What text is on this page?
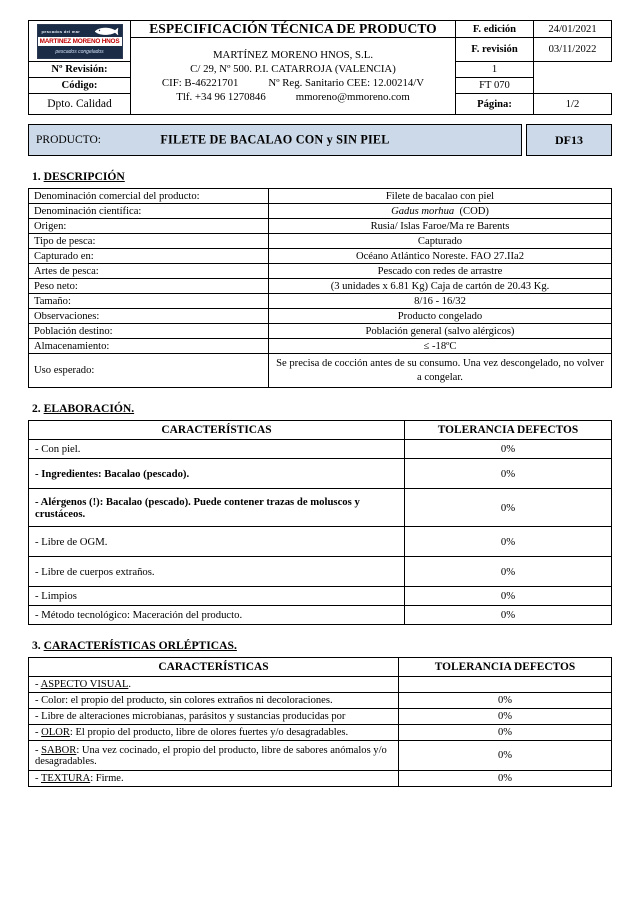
pescados del mar
MARTINEZ MORENO HNOS
pescados congelados	ESPECIFICACIÓN TÉCNICA DE PRODUCTO	F. edición	24/01/2021

MARTÍNEZ MORENO HNOS, S.L.
C/ 29, Nº 500. P.I. CATARROJA (VALENCIA)
CIF: B-46221701	Nº Reg. Sanitario CEE: 12.00214/V
Tlf. +34 96 1270846	mmoreno@mmoreno.com
	F. revisión	03/11/2022
Nº Revisión:		1	
Código:		FT 070	
Dpto. Calidad		Página:	1/2
PRODUCTO:	FILETE DE BACALAO CON y SIN PIEL	DF13
1. DESCRIPCIÓN
Denominación comercial del producto:	Filete de bacalao con piel
Denominación científica:	Gadus morhua  (COD)
Origen:	Rusia/ Islas Faroe/Ma re Barents
Tipo de pesca:	Capturado
Capturado en:	Océano Atlántico Noreste. FAO 27.IIa2
Artes de pesca:	Pescado con redes de arrastre
Peso neto:	(3 unidades x 6.81 Kg) Caja de cartón de 20.43 Kg.
Tamaño:	8/16 - 16/32
Observaciones:	Producto congelado
Población destino:	Población general (salvo alérgicos)
Almacenamiento:	≤ -18ºC
Uso esperado:	Se precisa de cocción antes de su consumo. Una vez descongelado, no volver a congelar.
2. ELABORACIÓN.
CARACTERÍSTICAS	TOLERANCIA DEFECTOS
- Con piel.	0%
- Ingredientes: Bacalao (pescado).	0%
- Alérgenos (!): Bacalao (pescado). Puede contener trazas de moluscos y crustáceos.	0%
- Libre de OGM.	0%
- Libre de cuerpos extraños.	0%
- Limpios	0%
- Método tecnológico: Maceración del producto.	0%
3. CARACTERÍSTICAS ORLÉPTICAS.
CARACTERÍSTICAS	TOLERANCIA DEFECTOS
- ASPECTO VISUAL.	
- Color: el propio del producto, sin colores extraños ni decoloraciones.	0%
- Libre de alteraciones microbianas, parásitos y sustancias producidas por	0%
- OLOR: El propio del producto, libre de olores fuertes y/o desagradables.	0%
- SABOR: Una vez cocinado, el propio del producto, libre de sabores anómalos y/o desagradables.	0%
- TEXTURA: Firme.	0%
